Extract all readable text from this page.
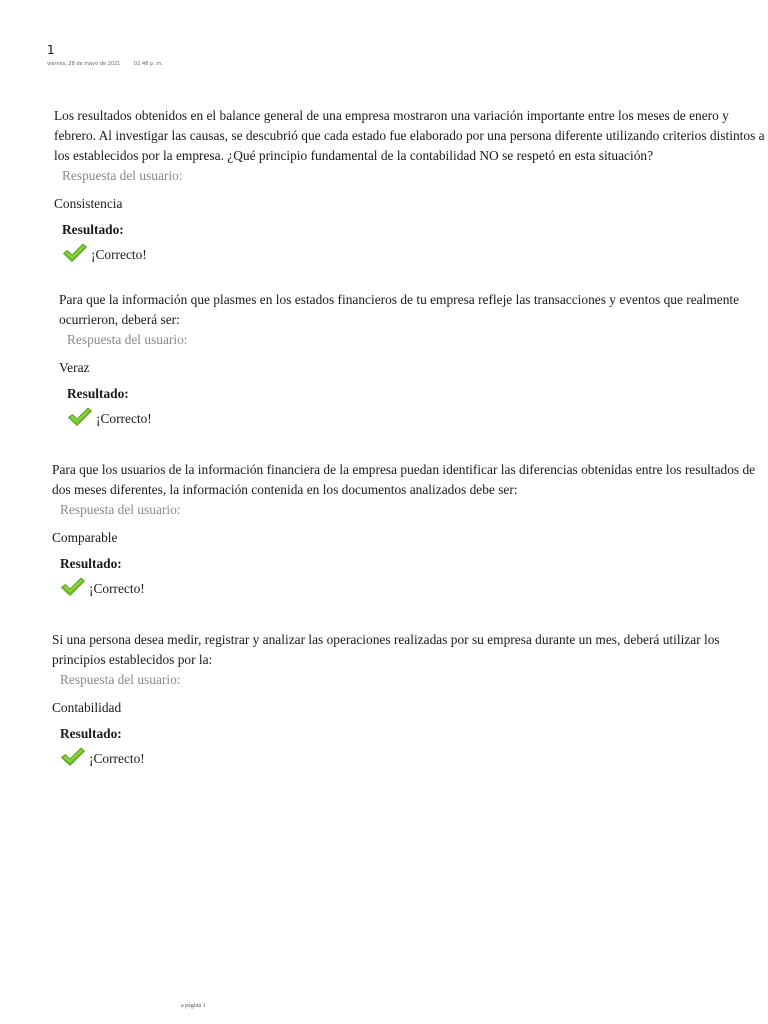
1
viernes, 28 de mayo de 2021	02:48 p. m.

Los resultados obtenidos en el balance general de una empresa mostraron una variación importante entre los meses de enero y febrero. Al investigar las causas, se descubrió que cada estado fue elaborado por una persona diferente utilizando criterios distintos a los establecidos por la empresa. ¿Qué principio fundamental de la contabilidad NO se respetó en esta situación?

Respuesta del usuario:
Consistencia
Resultado:
¡Correcto!

Para que la información que plasmes en los estados financieros de tu empresa refleje las transacciones y eventos que realmente ocurrieron, deberá ser:

Respuesta del usuario:
Veraz
Resultado:
¡Correcto!

Para que los usuarios de la información financiera de la empresa puedan identificar las diferencias obtenidas entre los resultados de dos meses diferentes, la información contenida en los documentos analizados debe ser:

Respuesta del usuario:
Comparable
Resultado:
¡Correcto!

Si una persona desea medir, registrar y analizar las operaciones realizadas por su empresa durante un mes, deberá utilizar los principios establecidos por la:

Respuesta del usuario:
Contabilidad
Resultado:
¡Correcto!
a página 1
